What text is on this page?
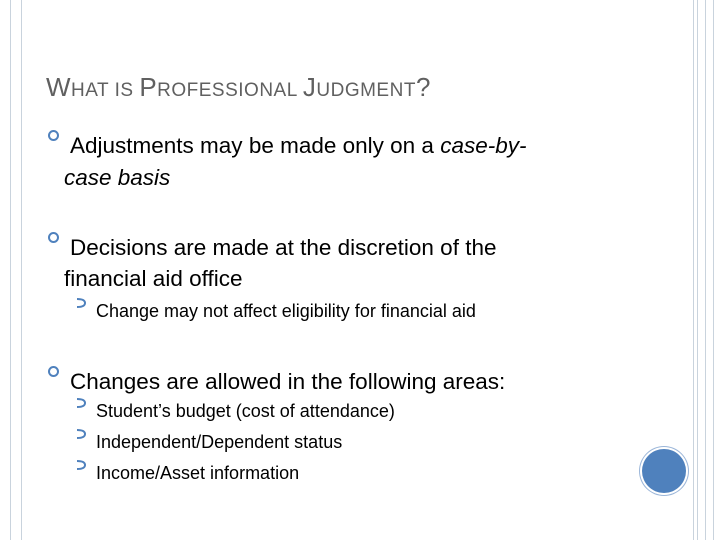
WHAT IS PROFESSIONAL JUDGMENT?
Adjustments may be made only on a case-by-
case basis
Decisions are made at the discretion of the
financial aid office
Change may not affect eligibility for financial aid
Changes are allowed in the following areas:
Student’s budget (cost of attendance)
Independent/Dependent status
Income/Asset information
